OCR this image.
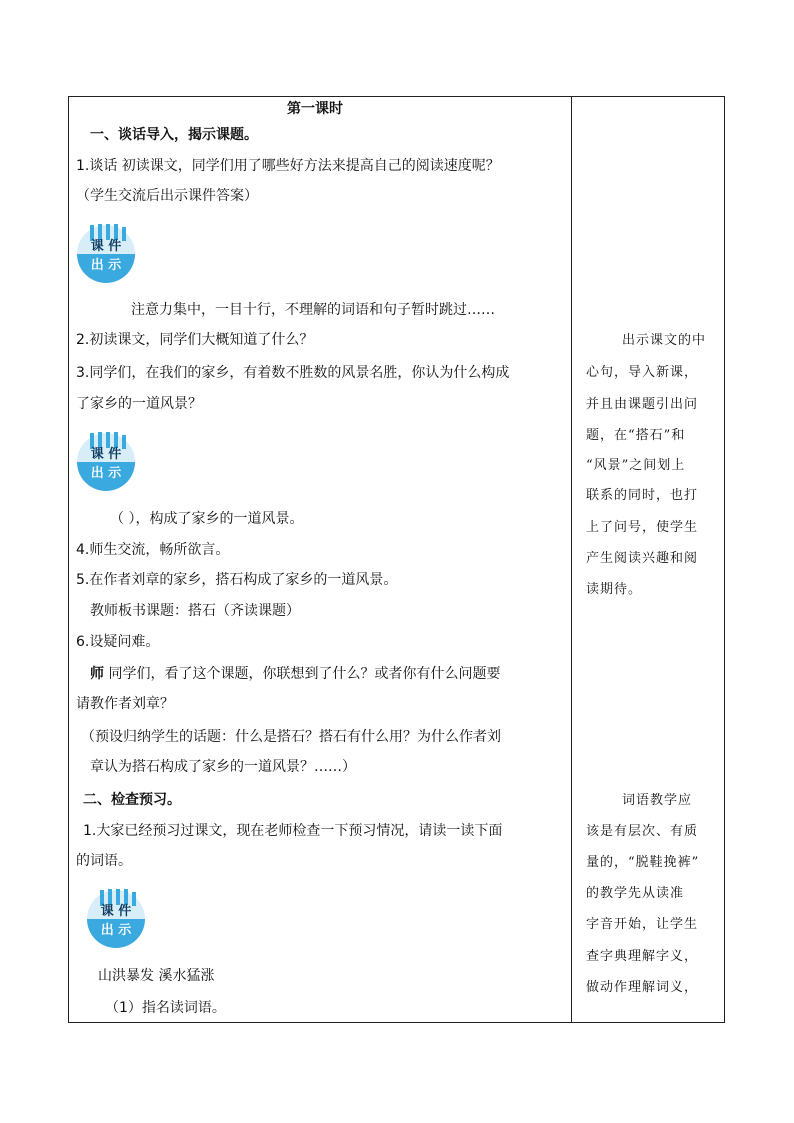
第一课时
一、谈话导入，揭示课题。
1.谈话 初读课文，同学们用了哪些好方法来提高自己的阅读速度呢？
（学生交流后出示课件答案）
课 件
出 示
注意力集中，一目十行，不理解的词语和句子暂时跳过……
2.初读课文，同学们大概知道了什么？
3.同学们，在我们的家乡，有着数不胜数的风景名胜，你认为什么构成
了家乡的一道风景？
课 件
出 示
（ ），构成了家乡的一道风景。
4.师生交流，畅所欲言。
5.在作者刘章的家乡，搭石构成了家乡的一道风景。
教师板书课题：搭石（齐读课题）
6.设疑问难。
师 同学们，看了这个课题，你联想到了什么？或者你有什么问题要
请教作者刘章？
（预设归纳学生的话题：什么是搭石？搭石有什么用？为什么作者刘
章认为搭石构成了家乡的一道风景？……）
二、检查预习。
1.大家已经预习过课文，现在老师检查一下预习情况，请读一读下面
的词语。
课 件
出 示
山洪暴发 溪水猛涨
（1）指名读词语。
出示课文的中
心句，导入新课，
并且由课题引出问
题，在“搭石”和
“风景”之间划上
联系的同时，也打
上了问号，使学生
产生阅读兴趣和阅
读期待。
词语教学应
该是有层次、有质
量的，“脱鞋挽裤”
的教学先从读准
字音开始，让学生
查字典理解字义，
做动作理解词义，
